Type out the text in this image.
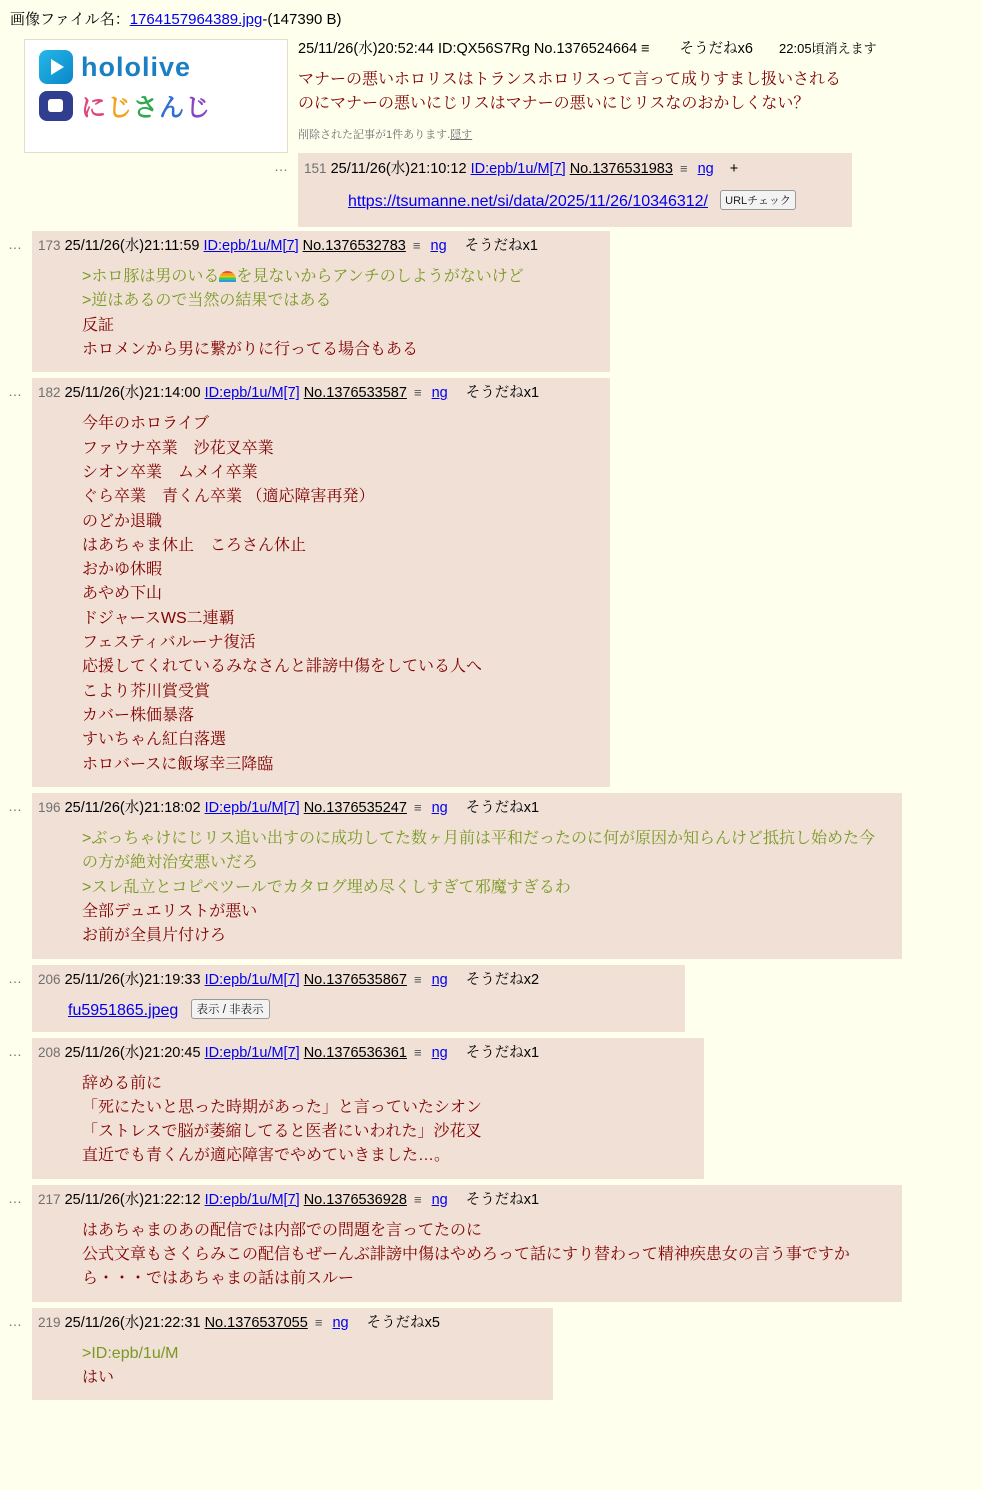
画像ファイル名：1764157964389.jpg-(147390 B)
hololive
にじさんじ
25/11/26(水)20:52:44 ID:QX56S7Rg No.1376524664 ≡ そうだねx6 22:05頃消えます
マナーの悪いホロリスはトランスホロリスって言って成りすまし扱いされる
のにマナーの悪いにじリスはマナーの悪いにじリスなのおかしくない？
削除された記事が1件あります.隠す
… 151 25/11/26(水)21:10:12 ID:epb/1u/M[7] No.1376531983 ≡ ng +
https://tsumanne.net/si/data/2025/11/26/10346312/ URLチェック
… 173 25/11/26(水)21:11:59 ID:epb/1u/M[7] No.1376532783 ≡ ng そうだねx1
>ホロ豚は男のいる を見ないからアンチのしようがないけど
>逆はあるので当然の結果ではある
反証
ホロメンから男に繋がりに行ってる場合もある
… 182 25/11/26(水)21:14:00 ID:epb/1u/M[7] No.1376533587 ≡ ng そうだねx1
今年のホロライブ
ファウナ卒業　沙花叉卒業
シオン卒業　ムメイ卒業
ぐら卒業　青くん卒業 （適応障害再発）
のどか退職
はあちゃま休止　ころさん休止
おかゆ休暇
あやめ下山
ドジャースWS二連覇
フェスティバルーナ復活
応援してくれているみなさんと誹謗中傷をしている人へ
こより芥川賞受賞
カバー株価暴落
すいちゃん紅白落選
ホロバースに飯塚幸三降臨
… 196 25/11/26(水)21:18:02 ID:epb/1u/M[7] No.1376535247 ≡ ng そうだねx1
>ぶっちゃけにじリス追い出すのに成功してた数ヶ月前は平和だったのに何が原因か知らんけど抵抗し始めた今
の方が絶対治安悪いだろ
>スレ乱立とコピペツールでカタログ埋め尽くしすぎて邪魔すぎるわ
全部デュエリストが悪い
お前が全員片付けろ
… 206 25/11/26(水)21:19:33 ID:epb/1u/M[7] No.1376535867 ≡ ng そうだねx2
fu5951865.jpeg 表示 / 非表示
… 208 25/11/26(水)21:20:45 ID:epb/1u/M[7] No.1376536361 ≡ ng そうだねx1
辞める前に
「死にたいと思った時期があった」と言っていたシオン
「ストレスで脳が萎縮してると医者にいわれた」沙花叉
直近でも青くんが適応障害でやめていきました…。
… 217 25/11/26(水)21:22:12 ID:epb/1u/M[7] No.1376536928 ≡ ng そうだねx1
はあちゃまのあの配信では内部での問題を言ってたのに
公式文章もさくらみこの配信もぜーんぶ誹謗中傷はやめろって話にすり替わって精神疾患女の言う事ですか
ら・・・ではあちゃまの話は前スルー
… 219 25/11/26(水)21:22:31 No.1376537055 ≡ ng そうだねx5
>ID:epb/1u/M
はい
